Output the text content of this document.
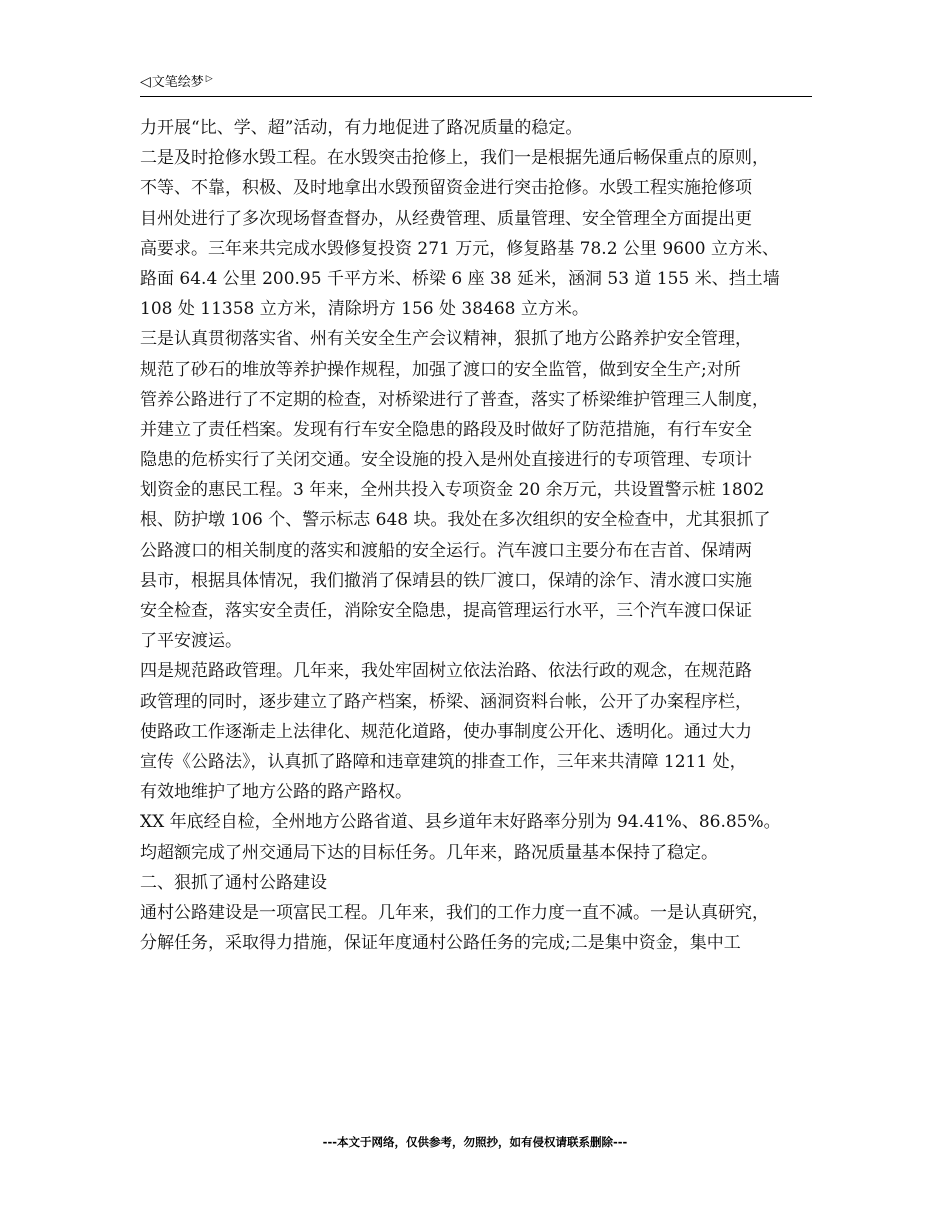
◁ 文笔绘梦 ▷
力开展“比、学、超”活动，有力地促进了路况质量的稳定。
二是及时抢修水毁工程。在水毁突击抢修上，我们一是根据先通后畅保重点的原则，
不等、不靠，积极、及时地拿出水毁预留资金进行突击抢修。水毁工程实施抢修项
目州处进行了多次现场督查督办，从经费管理、质量管理、安全管理全方面提出更
高要求。三年来共完成水毁修复投资 271 万元，修复路基 78.2 公里 9600 立方米、
路面 64.4 公里 200.95 千平方米、桥梁 6 座 38 延米，涵洞 53 道 155 米、挡土墙
108 处 11358 立方米，清除坍方 156 处 38468 立方米。
三是认真贯彻落实省、州有关安全生产会议精神，狠抓了地方公路养护安全管理，
规范了砂石的堆放等养护操作规程，加强了渡口的安全监管，做到安全生产;对所
管养公路进行了不定期的检查，对桥梁进行了普查，落实了桥梁维护管理三人制度，
并建立了责任档案。发现有行车安全隐患的路段及时做好了防范措施，有行车安全
隐患的危桥实行了关闭交通。安全设施的投入是州处直接进行的专项管理、专项计
划资金的惠民工程。3 年来，全州共投入专项资金 20 余万元，共设置警示桩 1802
根、防护墩 106 个、警示标志 648 块。我处在多次组织的安全检查中，尤其狠抓了
公路渡口的相关制度的落实和渡船的安全运行。汽车渡口主要分布在吉首、保靖两
县市，根据具体情况，我们撤消了保靖县的铁厂渡口，保靖的涂乍、清水渡口实施
安全检查，落实安全责任，消除安全隐患，提高管理运行水平，三个汽车渡口保证
了平安渡运。
四是规范路政管理。几年来，我处牢固树立依法治路、依法行政的观念，在规范路
政管理的同时，逐步建立了路产档案，桥梁、涵洞资料台帐，公开了办案程序栏，
使路政工作逐渐走上法律化、规范化道路，使办事制度公开化、透明化。通过大力
宣传《公路法》，认真抓了路障和违章建筑的排查工作，三年来共清障 1211 处，
有效地维护了地方公路的路产路权。
XX 年底经自检，全州地方公路省道、县乡道年末好路率分别为 94.41%、86.85%。
均超额完成了州交通局下达的目标任务。几年来，路况质量基本保持了稳定。
二、狠抓了通村公路建设
通村公路建设是一项富民工程。几年来，我们的工作力度一直不减。一是认真研究，
分解任务，采取得力措施，保证年度通村公路任务的完成;二是集中资金，集中工
---本文于网络，仅供参考，勿照抄，如有侵权请联系删除---
